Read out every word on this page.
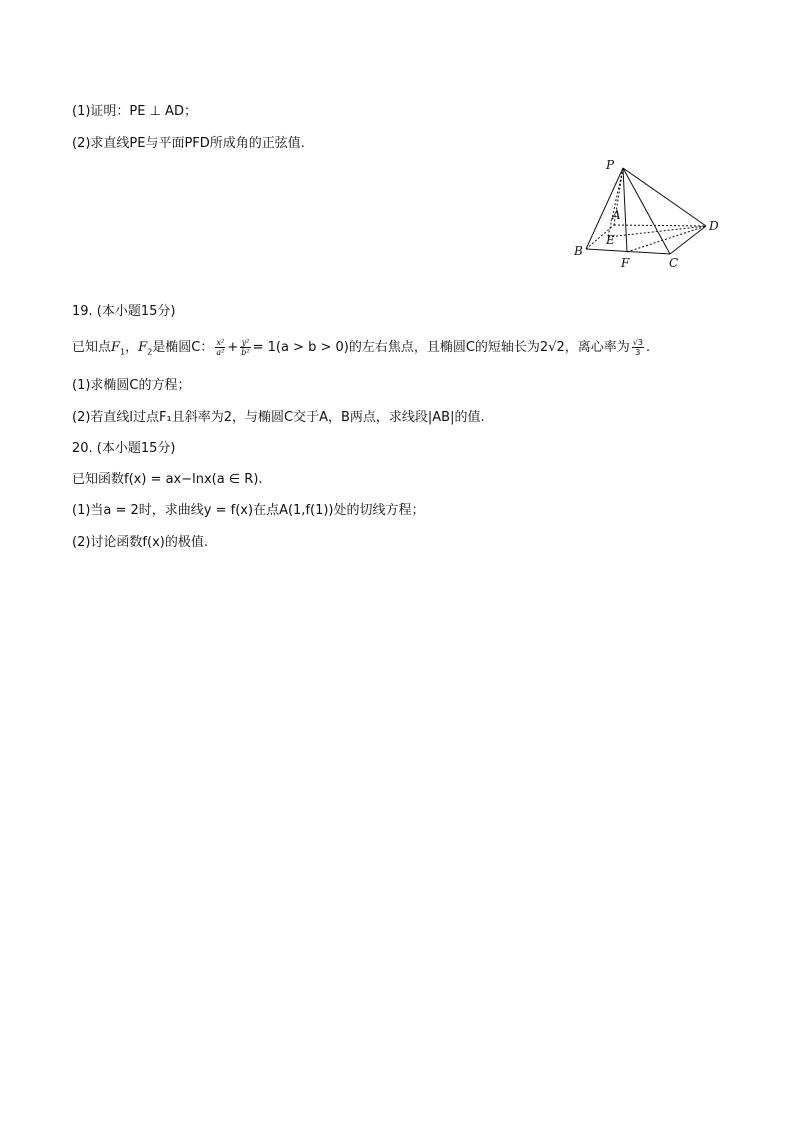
(1)证明：PE ⊥ AD；
(2)求直线PE与平面PFD所成角的正弦值.
P
A
E
D
B
F	C
19. (本小题15分)
已知点$F_1$，$F_2$是椭圆C： $\frac{\text{x²}}{\text{a²}} + \frac{\text{y²}}{\text{b²}} = 1(a > b > 0)$的左右焦点，且椭圆C的短轴长为2√2，离心率为 $\frac{√3}{3}$ .
(1)求椭圆C的方程；
(2)若直线l过点F₁且斜率为2，与椭圆C交于A，B两点，求线段|AB|的值.
20. (本小题15分)
已知函数f(x) = ax−lnx(a ∈ R).
(1)当a = 2时，求曲线y = f(x)在点A(1,f(1))处的切线方程；
(2)讨论函数f(x)的极值.
